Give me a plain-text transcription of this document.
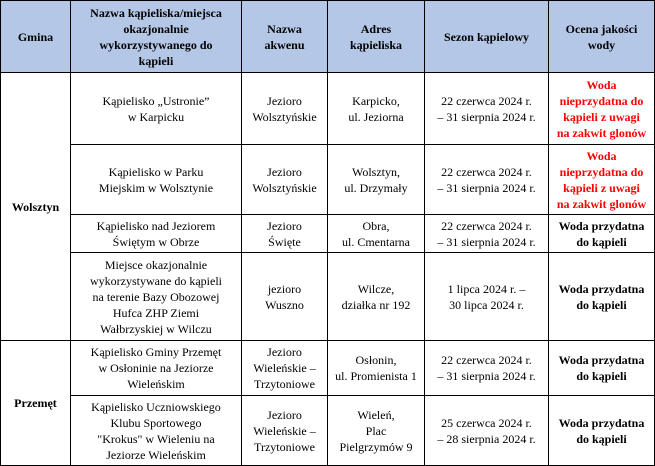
Gmina	Nazwa kąpieliska/miejsca
okazjonalnie
wykorzystywanego do
kąpieli	Nazwa
akwenu	Adres
kąpieliska	Sezon kąpielowy	Ocena jakości
wody

Wolsztyn	Kąpielisko „Ustronie”
w Karpicku	Jezioro
Wolsztyńskie	Karpicko,
ul. Jeziorna	22 czerwca 2024 r.
– 31 sierpnia 2024 r.	Woda
nieprzydatna do
kąpieli z uwagi
na zakwit glonów

	Kąpielisko w Parku
Miejskim w Wolsztynie	Jezioro
Wolsztyńskie	Wolsztyn,
ul. Drzymały	22 czerwca 2024 r.
– 31 sierpnia 2024 r.	Woda
nieprzydatna do
kąpieli z uwagi
na zakwit glonów

	Kąpielisko nad Jeziorem
Świętym w Obrze	Jezioro
Święte	Obra,
ul. Cmentarna	22 czerwca 2024 r.
– 31 sierpnia 2024 r.	Woda przydatna
do kąpieli

	Miejsce okazjonalnie
wykorzystywane do kąpieli
na terenie Bazy Obozowej
Hufca ZHP Ziemi
Wałbrzyskiej w Wilczu	jezioro
Wuszno	Wilcze,
działka nr 192	1 lipca 2024 r. –
30 lipca 2024 r.	Woda przydatna
do kąpieli

Przemęt	Kąpielisko Gminy Przemęt
w Osłoninie na Jeziorze
Wieleńskim	Jezioro
Wieleńskie –
Trzytoniowe	Osłonin,
ul. Promienista 1	22 czerwca 2024 r.
– 31 sierpnia 2024 r.	Woda przydatna
do kąpieli

	Kąpielisko Uczniowskiego
Klubu Sportowego
"Krokus" w Wieleniu na
Jeziorze Wieleńskim	Jezioro
Wieleńskie –
Trzytoniowe	Wieleń,
Plac
Pielgrzymów 9	25 czerwca 2024 r.
– 28 sierpnia 2024 r.	Woda przydatna
do kąpieli
